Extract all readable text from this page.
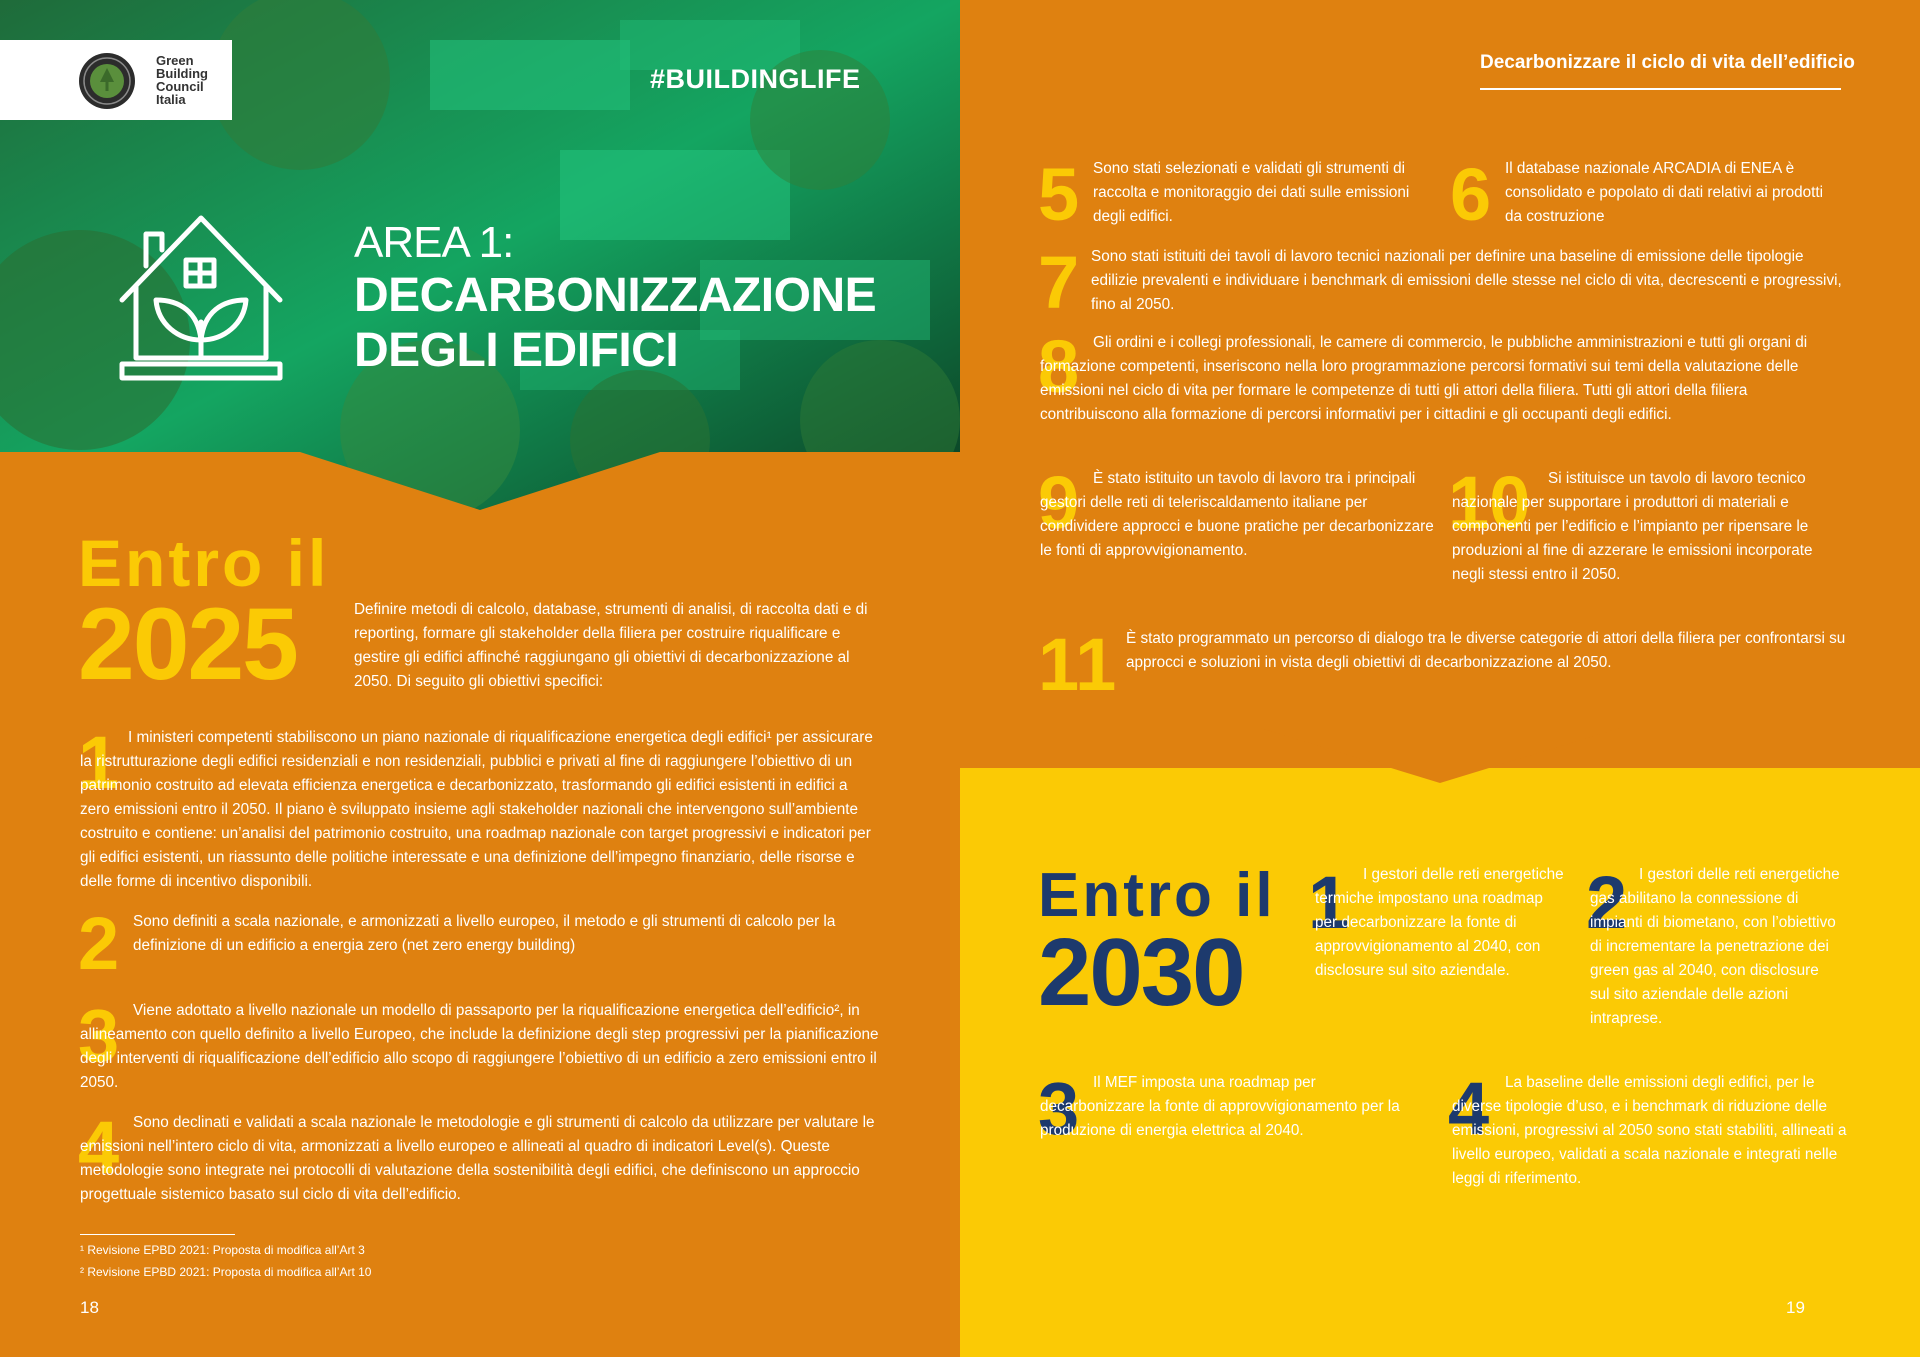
Green
Building
Council
Italia
#BUILDINGLIFE
AREA 1:
DECARBONIZZAZIONE
DEGLI EDIFICI
Entro il
2025	Definire metodi di calcolo, database, strumenti di analisi, di raccolta dati e di reporting, formare gli stakeholder della filiera per costruire riqualificare e gestire gli edifici affinché raggiungano gli obiettivi di decarbonizzazione al 2050. Di seguito gli obiettivi specifici:
1 I ministeri competenti stabiliscono un piano nazionale di riqualificazione energetica degli edifici¹ per assicurare la ristrutturazione degli edifici residenziali e non residenziali, pubblici e privati al fine di raggiungere l’obiettivo di un patrimonio costruito ad elevata efficienza energetica e decarbonizzato, trasformando gli edifici esistenti in edifici a zero emissioni entro il 2050. Il piano è sviluppato insieme agli stakeholder nazionali che intervengono sull’ambiente costruito e contiene: un’analisi del patrimonio costruito, una roadmap nazionale con target progressivi e indicatori per gli edifici esistenti, un riassunto delle politiche interessate e una definizione dell’impegno finanziario, delle risorse e delle forme di incentivo disponibili.
2 Sono definiti a scala nazionale, e armonizzati a livello europeo, il metodo e gli strumenti di calcolo per la definizione di un edificio a energia zero (net zero energy building)
3 Viene adottato a livello nazionale un modello di passaporto per la riqualificazione energetica dell’edificio², in allineamento con quello definito a livello Europeo, che include la definizione degli step progressivi per la pianificazione degli interventi di riqualificazione dell’edificio allo scopo di raggiungere l’obiettivo di un edificio a zero emissioni entro il 2050.
4 Sono declinati e validati a scala nazionale le metodologie e gli strumenti di calcolo da utilizzare per valutare le emissioni nell’intero ciclo di vita, armonizzati a livello europeo e allineati al quadro di indicatori Level(s). Queste metodologie sono integrate nei protocolli di valutazione della sostenibilità degli edifici, che definiscono un approccio progettuale sistemico basato sul ciclo di vita dell’edificio.
¹ Revisione EPBD 2021: Proposta di modifica all’Art 3
² Revisione EPBD 2021: Proposta di modifica all’Art 10
18
Decarbonizzare il ciclo di vita dell’edificio
5 Sono stati selezionati e validati gli strumenti di raccolta e monitoraggio dei dati sulle emissioni degli edifici.	6 Il database nazionale ARCADIA di ENEA è consolidato e popolato di dati relativi ai prodotti da costruzione
7 Sono stati istituiti dei tavoli di lavoro tecnici nazionali per definire una baseline di emissione delle tipologie edilizie prevalenti e individuare i benchmark di emissioni delle stesse nel ciclo di vita, decrescenti e progressivi, fino al 2050.
8 Gli ordini e i collegi professionali, le camere di commercio, le pubbliche amministrazioni e tutti gli organi di formazione competenti, inseriscono nella loro programmazione percorsi formativi sui temi della valutazione delle emissioni nel ciclo di vita per formare le competenze di tutti gli attori della filiera. Tutti gli attori della filiera contribuiscono alla formazione di percorsi informativi per i cittadini e gli occupanti degli edifici.
9 È stato istituito un tavolo di lavoro tra i principali gestori delle reti di teleriscaldamento italiane per condividere approcci e buone pratiche per decarbonizzare le fonti di approvvigionamento.
10	Si istituisce un tavolo di lavoro tecnico nazionale per supportare i produttori di materiali e componenti per l’edificio e l’impianto per ripensare le produzioni al fine di azzerare le emissioni incorporate negli stessi entro il 2050.
11 È stato programmato un percorso di dialogo tra le diverse categorie di attori della filiera per confrontarsi su approcci e soluzioni in vista degli obiettivi di decarbonizzazione al 2050.
Entro il
2030
1 I gestori delle reti energetiche termiche impostano una roadmap per decarbonizzare la fonte di approvvigionamento al 2040, con disclosure sul sito aziendale.
2 I gestori delle reti energetiche gas abilitano la connessione di impianti di biometano, con l’obiettivo di incrementare la penetrazione dei green gas al 2040, con disclosure sul sito aziendale delle azioni intraprese.
3 Il MEF imposta una roadmap per decarbonizzare la fonte di approvvigionamento per la produzione di energia elettrica al 2040.	4	La baseline delle emissioni degli edifici, per le diverse tipologie d’uso, e i benchmark di riduzione delle emissioni, progressivi al 2050 sono stati stabiliti, allineati a livello europeo, validati a scala nazionale e integrati nelle leggi di riferimento.
19
